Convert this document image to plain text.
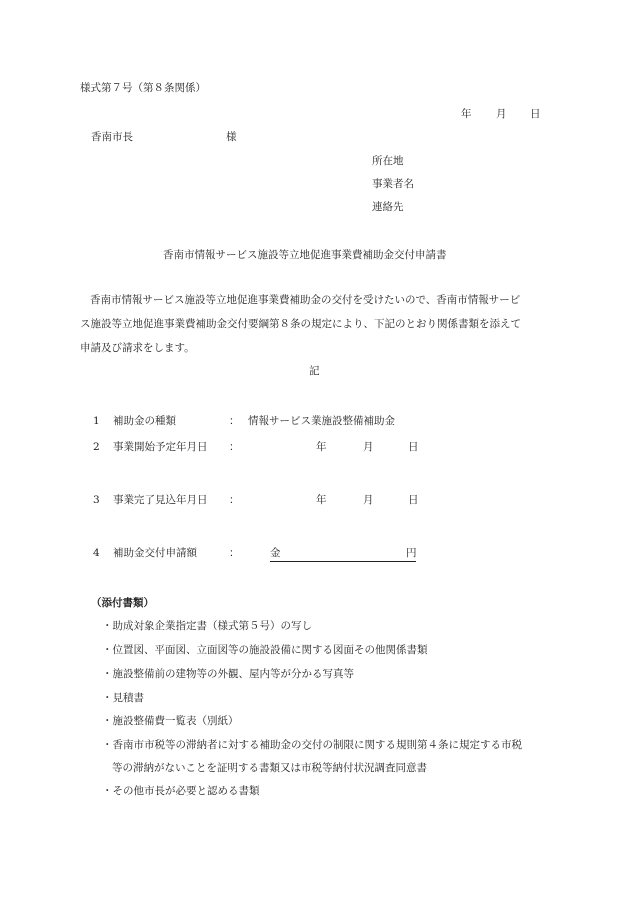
様式第７号（第８条関係）
年 月 日
香南市長	様
所在地
事業者名
連絡先
香南市情報サービス施設等立地促進事業費補助金交付申請書
香南市情報サービス施設等立地促進事業費補助金の交付を受けたいので、香南市情報サービ
ス施設等立地促進事業費補助金交付要綱第８条の規定により、下記のとおり関係書類を添えて
申請及び請求をします。
記
1 補助金の種類	： 情報サービス業施設整備補助金
2 事業開始予定年月日 ：	年	月	日
3 事業完了見込年月日 ：	年	月	日
4 補助金交付申請額	：	金	円
（添付書類）
・助成対象企業指定書（様式第５号）の写し
・位置図、平面図、立面図等の施設設備に関する図面その他関係書類
・施設整備前の建物等の外観、屋内等が分かる写真等
・見積書
・施設整備費一覧表（別紙）
・香南市市税等の滞納者に対する補助金の交付の制限に関する規則第４条に規定する市税
等の滞納がないことを証明する書類又は市税等納付状況調査同意書
・その他市長が必要と認める書類
